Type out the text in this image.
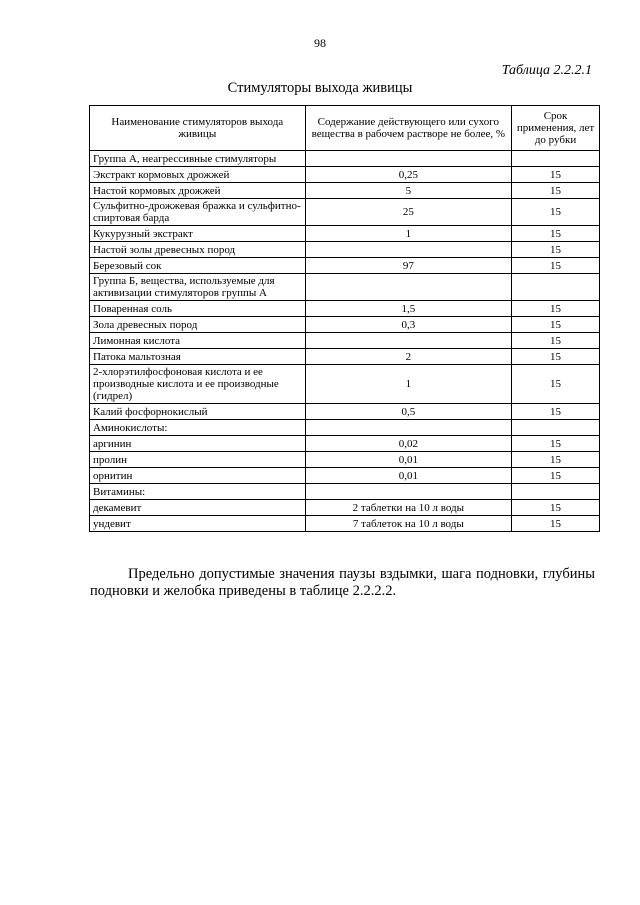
98
Таблица 2.2.2.1
Стимуляторы выхода живицы
Наименование стимуляторов выхода живицы	Содержание действующего или сухого вещества в рабочем растворе не более, %	Срок применения, лет до рубки
Группа А, неагрессивные стимуляторы		
Экстракт кормовых дрожжей	0,25	15
Настой кормовых дрожжей	5	15
Сульфитно-дрожжевая бражка и сульфитно-спиртовая барда	25	15
Кукурузный экстракт	1	15
Настой золы древесных пород		15
Березовый сок	97	15
Группа Б, вещества, используемые для активизации стимуляторов группы А		
Поваренная соль	1,5	15
Зола древесных пород	0,3	15
Лимонная кислота		15
Патока мальтозная	2	15
2-хлорэтилфосфоновая кислота и ее производные кислота и ее производные (гидрел)	1	15
Калий фосфорнокислый	0,5	15
Аминокислоты:		
аргинин	0,02	15
пролин	0,01	15
орнитин	0,01	15
Витамины:		
декамевит	2 таблетки на 10 л воды	15
ундевит	7 таблеток на 10 л воды	15

Предельно допустимые значения паузы вздымки, шага подновки, глубины подновки и желобка приведены в таблице 2.2.2.2.
